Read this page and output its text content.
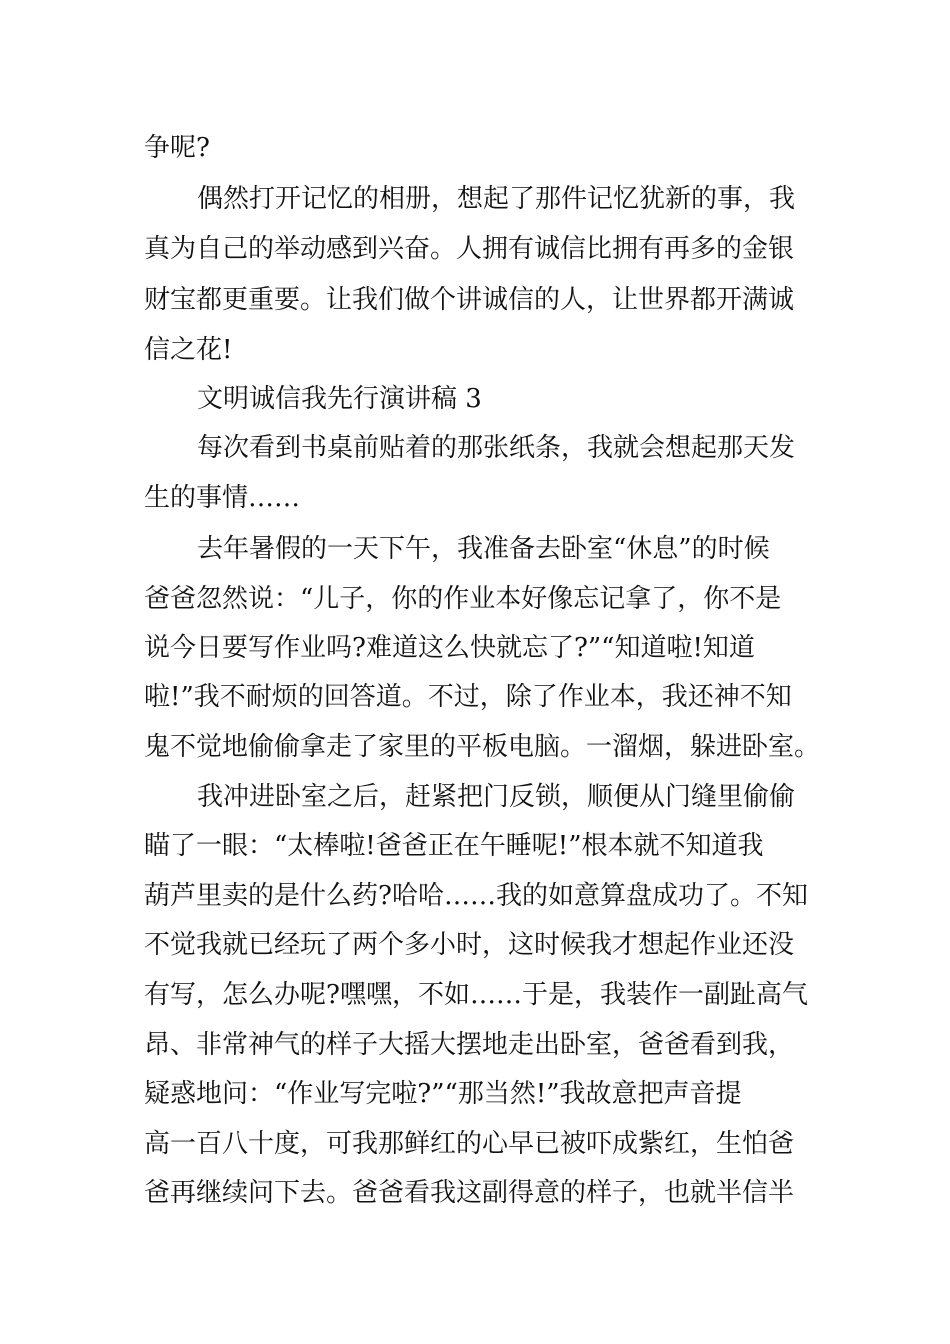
争呢?
偶然打开记忆的相册，想起了那件记忆犹新的事，我
真为自己的举动感到兴奋。人拥有诚信比拥有再多的金银
财宝都更重要。让我们做个讲诚信的人，让世界都开满诚
信之花!
文明诚信我先行演讲稿 3
每次看到书桌前贴着的那张纸条，我就会想起那天发
生的事情……
去年暑假的一天下午，我准备去卧室“休息”的时候
爸爸忽然说：“儿子，你的作业本好像忘记拿了，你不是
说今日要写作业吗?难道这么快就忘了?”“知道啦!知道
啦!”我不耐烦的回答道。不过，除了作业本，我还神不知
鬼不觉地偷偷拿走了家里的平板电脑。一溜烟，躲进卧室。
我冲进卧室之后，赶紧把门反锁，顺便从门缝里偷偷
瞄了一眼：“太棒啦!爸爸正在午睡呢!”根本就不知道我
葫芦里卖的是什么药?哈哈……我的如意算盘成功了。不知
不觉我就已经玩了两个多小时，这时候我才想起作业还没
有写，怎么办呢?嘿嘿，不如……于是，我装作一副趾高气
昂、非常神气的样子大摇大摆地走出卧室，爸爸看到我，
疑惑地问：“作业写完啦?”“那当然!”我故意把声音提
高一百八十度，可我那鲜红的心早已被吓成紫红，生怕爸
爸再继续问下去。爸爸看我这副得意的样子，也就半信半
